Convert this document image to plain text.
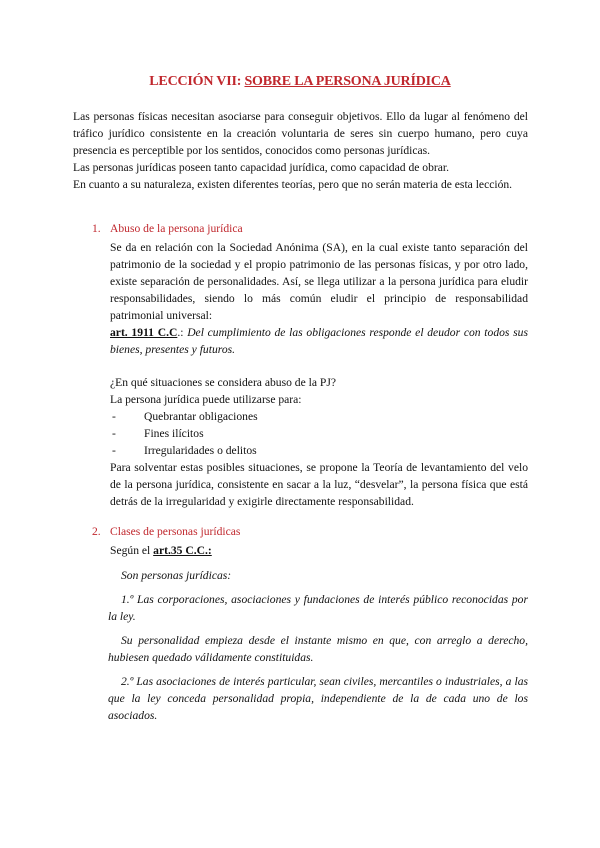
LECCIÓN VII: SOBRE LA PERSONA JURÍDICA

Las personas físicas necesitan asociarse para conseguir objetivos. Ello da lugar al fenómeno del tráfico jurídico consistente en la creación voluntaria de seres sin cuerpo humano, pero cuya presencia es perceptible por los sentidos, conocidos como personas jurídicas.

Las personas jurídicas poseen tanto capacidad jurídica, como capacidad de obrar.

En cuanto a su naturaleza, existen diferentes teorías, pero que no serán materia de esta lección.

1. Abuso de la persona jurídica

Se da en relación con la Sociedad Anónima (SA), en la cual existe tanto separación del patrimonio de la sociedad y el propio patrimonio de las personas físicas, y por otro lado, existe separación de personalidades. Así, se llega utilizar a la persona jurídica para eludir responsabilidades, siendo lo más común eludir el principio de responsabilidad patrimonial universal:

art. 1911 C.C.: Del cumplimiento de las obligaciones responde el deudor con todos sus bienes, presentes y futuros.

¿En qué situaciones se considera abuso de la PJ?

La persona jurídica puede utilizarse para:

-	Quebrantar obligaciones
-	Fines ilícitos
-	Irregularidades o delitos

Para solventar estas posibles situaciones, se propone la Teoría de levantamiento del velo de la persona jurídica, consistente en sacar a la luz, “desvelar”, la persona física que está detrás de la irregularidad y exigirle directamente responsabilidad.

2. Clases de personas jurídicas

Según el art.35 C.C.:

Son personas jurídicas:

1.º Las corporaciones, asociaciones y fundaciones de interés público reconocidas por la ley.

Su personalidad empieza desde el instante mismo en que, con arreglo a derecho, hubiesen quedado válidamente constituidas.

2.º Las asociaciones de interés particular, sean civiles, mercantiles o industriales, a las que la ley conceda personalidad propia, independiente de la de cada uno de los asociados.
